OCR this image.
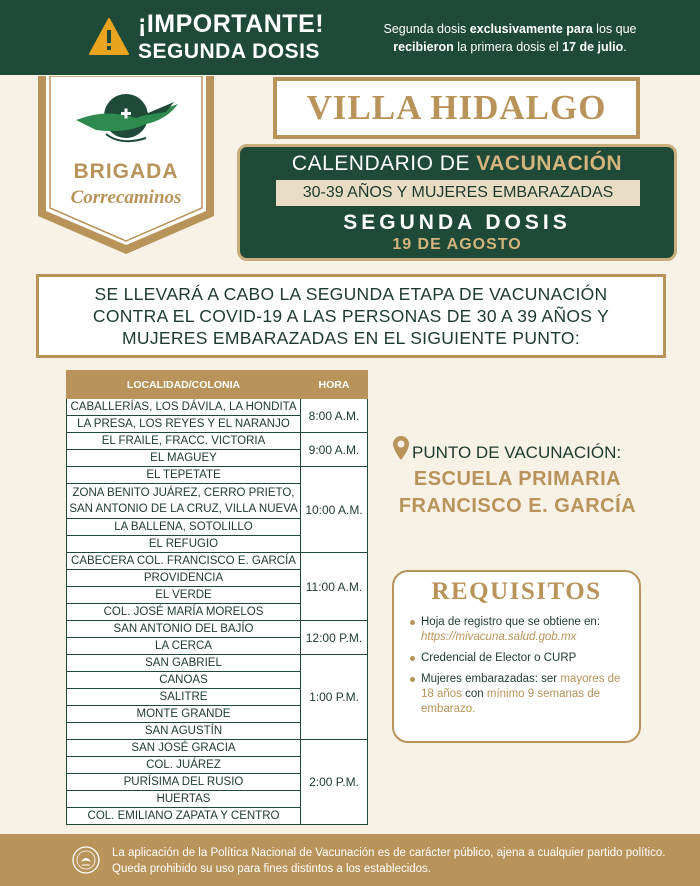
¡IMPORTANTE!
SEGUNDA DOSIS
Segunda dosis exclusivamente para los que
recibieron la primera dosis el 17 de julio.
BRIGADA
Correcaminos
VILLA HIDALGO
CALENDARIO DE VACUNACIÓN
30-39 AÑOS Y MUJERES EMBARAZADAS
SEGUNDA DOSIS
19 DE AGOSTO
SE LLEVARÁ A CABO LA SEGUNDA ETAPA DE VACUNACIÓN CONTRA EL COVID-19 A LAS PERSONAS DE 30 A 39 AÑOS Y MUJERES EMBARAZADAS EN EL SIGUIENTE PUNTO:
LOCALIDAD/COLONIA	HORA
CABALLERÍAS, LOS DÁVILA, LA HONDITA	8:00 A.M.
LA PRESA, LOS REYES Y EL NARANJO	
EL FRAILE, FRACC. VICTORIA	9:00 A.M.
EL MAGUEY	
EL TEPETATE	10:00 A.M.
ZONA BENITO JUÁREZ, CERRO PRIETO, SAN ANTONIO DE LA CRUZ, VILLA NUEVA	
LA BALLENA, SOTOLILLO	
EL REFUGIO	
CABECERA COL. FRANCISCO E. GARCÍA	11:00 A.M.
PROVIDENCIA	
EL VERDE	
COL. JOSÉ MARÍA MORELOS	
SAN ANTONIO DEL BAJÍO	12:00 P.M.
LA CERCA	
SAN GABRIEL	1:00 P.M.
CANOAS	
SALITRE	
MONTE GRANDE	
SAN AGUSTÍN	
SAN JOSÉ GRACIA	2:00 P.M.
COL. JUÁREZ	
PURÍSIMA DEL RUSIO	
HUERTAS	
COL. EMILIANO ZAPATA Y CENTRO	
PUNTO DE VACUNACIÓN:
ESCUELA PRIMARIA
FRANCISCO E. GARCÍA
REQUISITOS
Hoja de registro que se obtiene en: https://mivacuna.salud.gob.mx
Credencial de Elector o CURP
Mujeres embarazadas: ser mayores de 18 años con mínimo 9 semanas de embarazo.
La aplicación de la Política Nacional de Vacunación es de carácter público, ajena a cualquier partido político. Queda prohibido su uso para fines distintos a los establecidos.
